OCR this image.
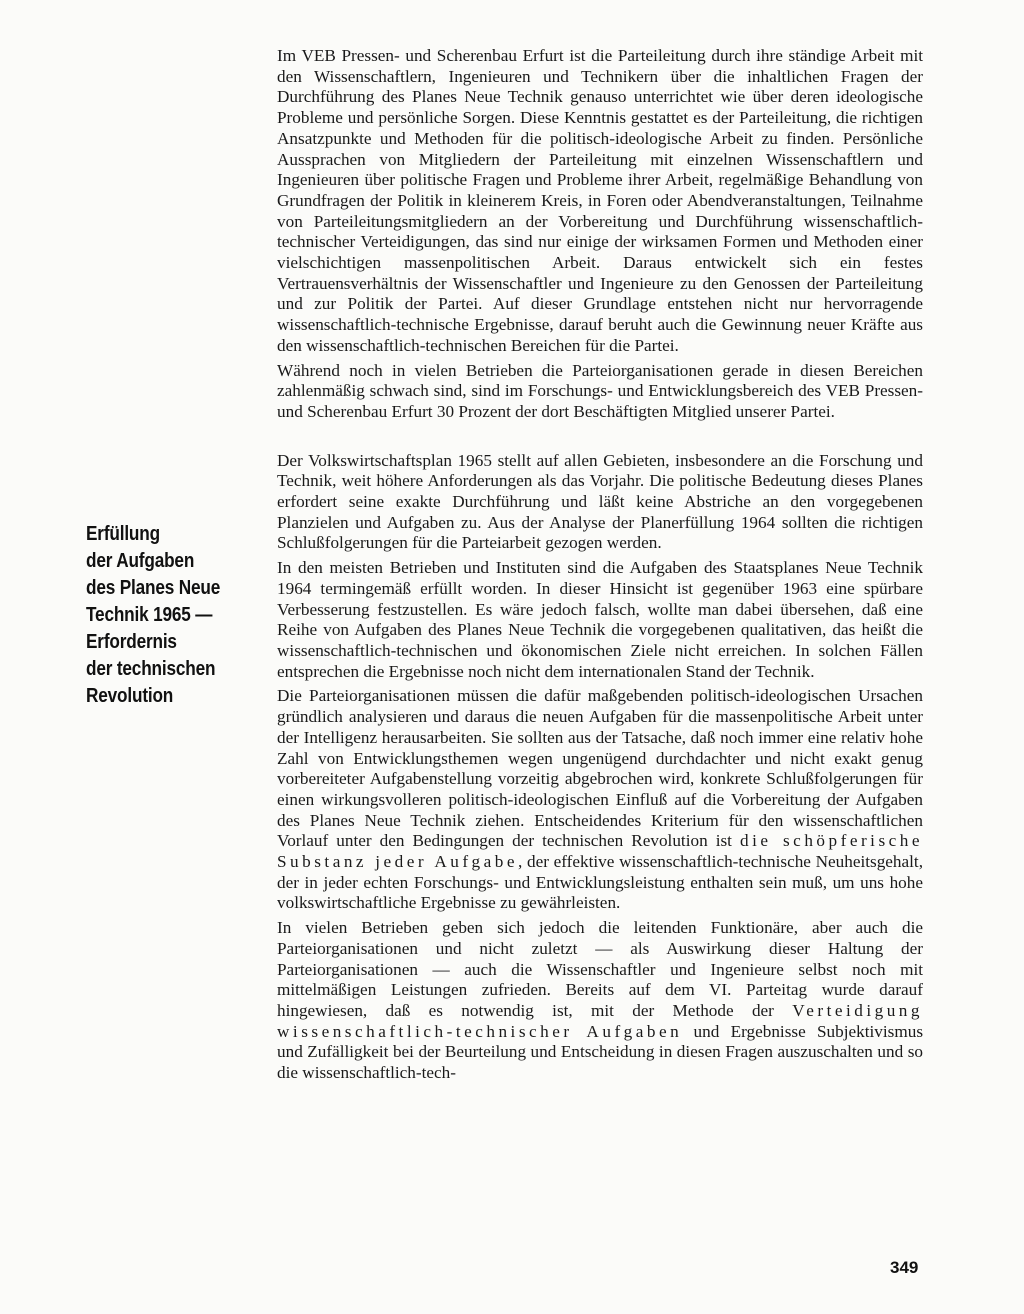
Im VEB Pressen- und Scherenbau Erfurt ist die Parteileitung durch ihre ständige Arbeit mit den Wissenschaftlern, Ingenieuren und Technikern über die inhaltlichen Fragen der Durchführung des Planes Neue Technik genauso unterrichtet wie über deren ideologische Probleme und persönliche Sorgen. Diese Kenntnis gestattet es der Parteileitung, die richtigen Ansatzpunkte und Methoden für die politisch-ideologische Arbeit zu finden. Persönliche Aussprachen von Mitgliedern der Parteileitung mit einzelnen Wissenschaftlern und Ingenieuren über politische Fragen und Probleme ihrer Arbeit, regelmäßige Behandlung von Grundfragen der Politik in kleinerem Kreis, in Foren oder Abendveranstaltungen, Teilnahme von Parteileitungsmitgliedern an der Vorbereitung und Durchführung wissenschaftlich-technischer Verteidigungen, das sind nur einige der wirksamen Formen und Methoden einer vielschichtigen massenpolitischen Arbeit. Daraus entwickelt sich ein festes Vertrauensverhältnis der Wissenschaftler und Ingenieure zu den Genossen der Parteileitung und zur Politik der Partei. Auf dieser Grundlage entstehen nicht nur hervorragende wissenschaftlich-technische Ergebnisse, darauf beruht auch die Gewinnung neuer Kräfte aus den wissenschaftlich-technischen Bereichen für die Partei.

Während noch in vielen Betrieben die Parteiorganisationen gerade in diesen Bereichen zahlenmäßig schwach sind, sind im Forschungs- und Entwicklungsbereich des VEB Pressen- und Scherenbau Erfurt 30 Prozent der dort Beschäftigten Mitglied unserer Partei.

Der Volkswirtschaftsplan 1965 stellt auf allen Gebieten, insbesondere an die Forschung und Technik, weit höhere Anforderungen als das Vorjahr. Die politische Bedeutung dieses Planes erfordert seine exakte Durchführung und läßt keine Abstriche an den vorgegebenen Planzielen und Aufgaben zu. Aus der Analyse der Planerfüllung 1964 sollten die richtigen Schlußfolgerungen für die Parteiarbeit gezogen werden.

In den meisten Betrieben und Instituten sind die Aufgaben des Staatsplanes Neue Technik 1964 termingemäß erfüllt worden. In dieser Hinsicht ist gegenüber 1963 eine spürbare Verbesserung festzustellen. Es wäre jedoch falsch, wollte man dabei übersehen, daß eine Reihe von Aufgaben des Planes Neue Technik die vorgegebenen qualitativen, das heißt die wissenschaftlich-technischen und ökonomischen Ziele nicht erreichen. In solchen Fällen entsprechen die Ergebnisse noch nicht dem internationalen Stand der Technik.

Die Parteiorganisationen müssen die dafür maßgebenden politisch-ideologischen Ursachen gründlich analysieren und daraus die neuen Aufgaben für die massenpolitische Arbeit unter der Intelligenz herausarbeiten. Sie sollten aus der Tatsache, daß noch immer eine relativ hohe Zahl von Entwicklungsthemen wegen ungenügend durchdachter und nicht exakt genug vorbereiteter Aufgabenstellung vorzeitig abgebrochen wird, konkrete Schlußfolgerungen für einen wirkungsvolleren politisch-ideologischen Einfluß auf die Vorbereitung der Aufgaben des Planes Neue Technik ziehen. Entscheidendes Kriterium für den wissenschaftlichen Vorlauf unter den Bedingungen der technischen Revolution ist die schöpferische Substanz jeder Aufgabe, der effektive wissenschaftlich-technische Neuheitsgehalt, der in jeder echten Forschungs- und Entwicklungsleistung enthalten sein muß, um uns hohe volkswirtschaftliche Ergebnisse zu gewährleisten.

In vielen Betrieben geben sich jedoch die leitenden Funktionäre, aber auch die Parteiorganisationen und nicht zuletzt — als Auswirkung dieser Haltung der Parteiorganisationen — auch die Wissenschaftler und Ingenieure selbst noch mit mittelmäßigen Leistungen zufrieden. Bereits auf dem VI. Parteitag wurde darauf hingewiesen, daß es notwendig ist, mit der Methode der Verteidigung wissenschaftlich-technischer Aufgaben und Ergebnisse Subjektivismus und Zufälligkeit bei der Beurteilung und Entscheidung in diesen Fragen auszuschalten und so die wissenschaftlich-tech-

Erfüllung
der Aufgaben
des Planes Neue
Technik 1965 —
Erfordernis
der technischen
Revolution
349
